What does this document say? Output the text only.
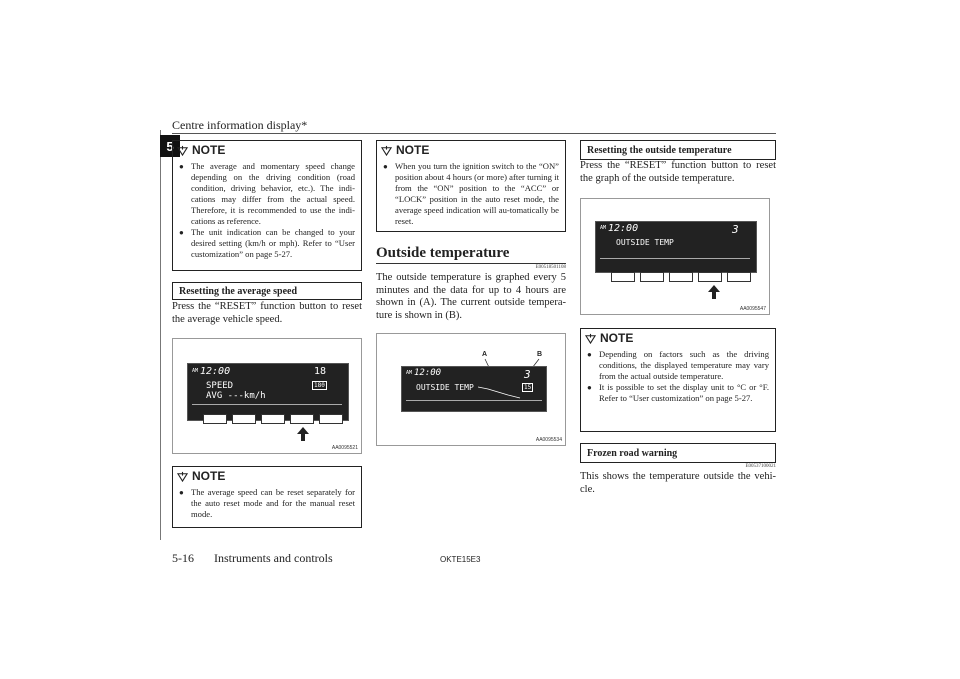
Centre information display*
5	NOTE
● The average and momentary speed change depending on the driving condition (road condition, driving behavior, etc.). The indi-cations may differ from the actual speed. Therefore, it is recommended to use the indi-cations as reference.
● The unit indication can be changed to your desired setting (km/h or mph). Refer to “User customization” on page 5-27.
Resetting the average speed
Press the “RESET” function button to reset the average vehicle speed.
AM 12:00
SPEED
AVG ---km/h
18
180
AA0095521
NOTE
● The average speed can be reset separately for the auto reset mode and for the manual reset mode.
NOTE
● When you turn the ignition switch to the “ON” position about 4 hours (or more) after turning it from the “ON” position to the “ACC” or “LOCK” position in the auto reset mode, the average speed indication will au-tomatically be reset.
Outside temperature
E00518501108
The outside temperature is graphed every 5 minutes and the data for up to 4 hours are shown in (A). The current outside tempera-ture is shown in (B).
A	B
AM 12:00
OUTSIDE TEMP
3
15
AA0095534
Resetting the outside temperature
Press the “RESET” function button to reset the graph of the outside temperature.
AM 12:00
OUTSIDE TEMP
3
AA0095547
NOTE
● Depending on factors such as the driving conditions, the displayed temperature may vary from the actual outside temperature.
● It is possible to set the display unit to °C or °F. Refer to “User customization” on page 5-27.
Frozen road warning
E00537100021
This shows the temperature outside the vehi-cle.
5-16 Instruments and controls	OKTE15E3
